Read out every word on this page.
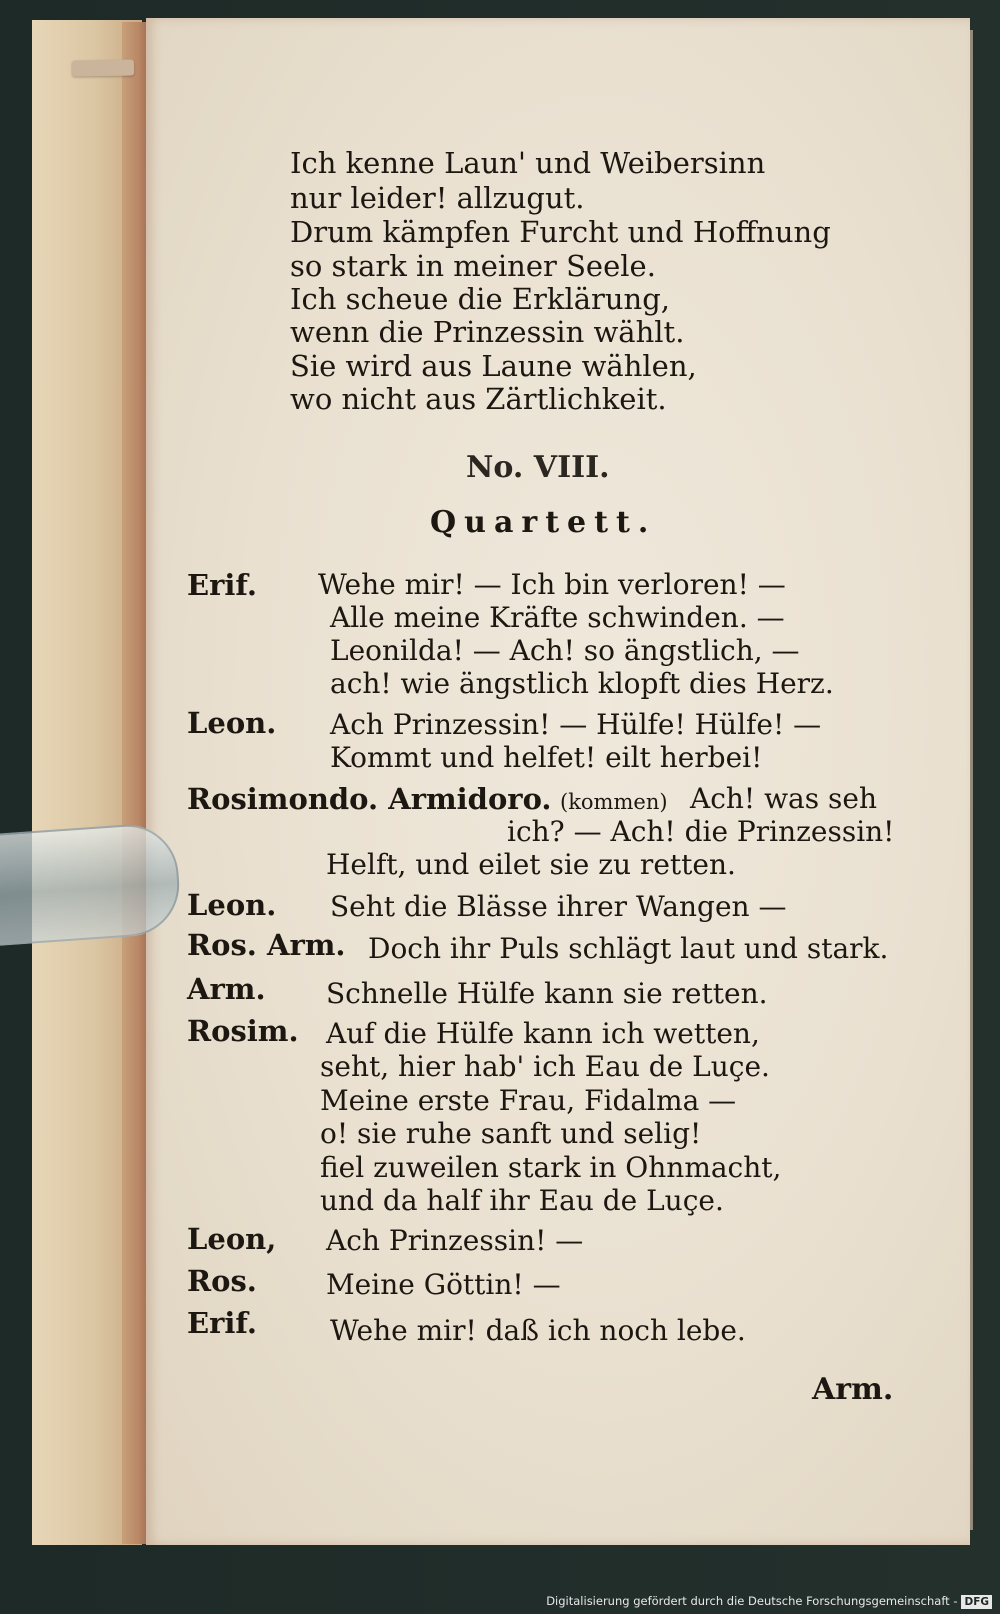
Ich kenne Laun' und Weibersinn
nur leider! allzugut.
Drum kämpfen Furcht und Hoffnung
so stark in meiner Seele.
Ich scheue die Erklärung,
wenn die Prinzessin wählt.
Sie wird aus Laune wählen,
wo nicht aus Zärtlichkeit.
No. VIII.
Quartett.
Erif. Wehe mir! — Ich bin verloren! —
Alle meine Kräfte schwinden. —
Leonilda! — Ach! so ängstlich, —
ach! wie ängstlich klopft dies Herz.
Leon. Ach Prinzessin! — Hülfe! Hülfe! —
Kommt und helfet! eilt herbei!
Rosimondo. Armidoro. (kommen) Ach! was seh
ich? — Ach! die Prinzessin!
Helft, und eilet sie zu retten.
Leon. Seht die Blässe ihrer Wangen —
Ros. Arm. Doch ihr Puls schlägt laut und stark.
Arm. Schnelle Hülfe kann sie retten.
Rosim. Auf die Hülfe kann ich wetten,
seht, hier hab' ich Eau de Luçe.
Meine erste Frau, Fidalma —
o! sie ruhe sanft und selig!
fiel zuweilen stark in Ohnmacht,
und da half ihr Eau de Luçe.
Leon, Ach Prinzessin! —
Ros. Meine Göttin! —
Erif.	Wehe mir! daß ich noch lebe.
Arm.
Digitalisierung gefördert durch die Deutsche Forschungsgemeinschaft - DFG
